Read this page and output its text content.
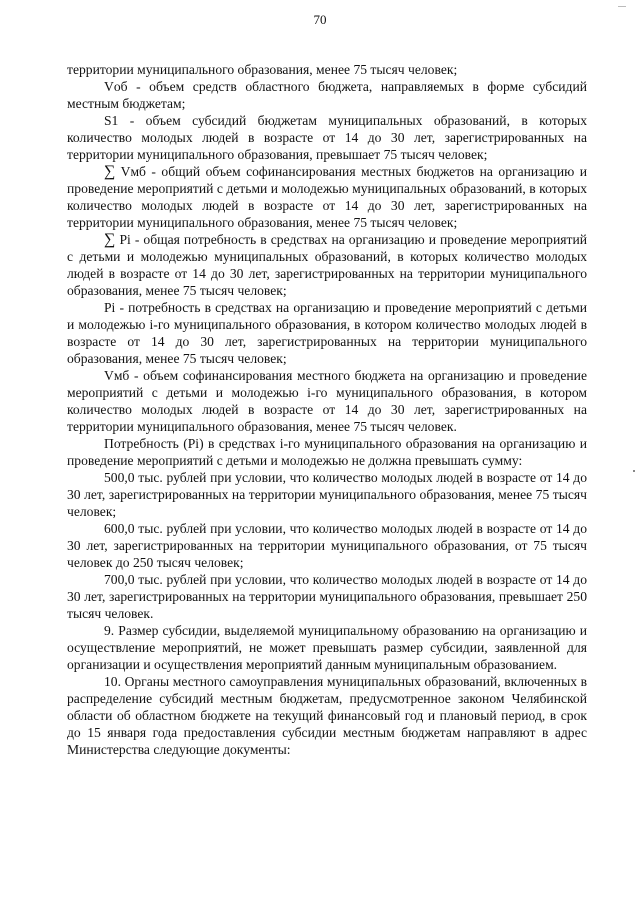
70

территории муниципального образования, менее 75 тысяч человек;

Vоб - объем средств областного бюджета, направляемых в форме субсидий местным бюджетам;

S1 - объем субсидий бюджетам муниципальных образований, в которых количество молодых людей в возрасте от 14 до 30 лет, зарегистрированных на территории муниципального образования, превышает 75 тысяч человек;

∑ Vмб - общий объем софинансирования местных бюджетов на организацию и проведение мероприятий с детьми и молодежью муниципальных образований, в которых количество молодых людей в возрасте от 14 до 30 лет, зарегистрированных на территории муниципального образования, менее 75 тысяч человек;

∑ Pi - общая потребность в средствах на организацию и проведение мероприятий с детьми и молодежью муниципальных образований, в которых количество молодых людей в возрасте от 14 до 30 лет, зарегистрированных на территории муниципального образования, менее 75 тысяч человек;

Pi - потребность в средствах на организацию и проведение мероприятий с детьми и молодежью i-го муниципального образования, в котором количество молодых людей в возрасте от 14 до 30 лет, зарегистрированных на территории муниципального образования, менее 75 тысяч человек;

Vмб - объем софинансирования местного бюджета на организацию и проведение мероприятий с детьми и молодежью i-го муниципального образования, в котором количество молодых людей в возрасте от 14 до 30 лет, зарегистрированных на территории муниципального образования, менее 75 тысяч человек.

Потребность (Pi) в средствах i-го муниципального образования на организацию и проведение мероприятий с детьми и молодежью не должна превышать сумму:

500,0 тыс. рублей при условии, что количество молодых людей в возрасте от 14 до 30 лет, зарегистрированных на территории муниципального образования, менее 75 тысяч человек;

600,0 тыс. рублей при условии, что количество молодых людей в возрасте от 14 до 30 лет, зарегистрированных на территории муниципального образования, от 75 тысяч человек до 250 тысяч человек;

700,0 тыс. рублей при условии, что количество молодых людей в возрасте от 14 до 30 лет, зарегистрированных на территории муниципального образования, превышает 250 тысяч человек.

9. Размер субсидии, выделяемой муниципальному образованию на организацию и осуществление мероприятий, не может превышать размер субсидии, заявленной для организации и осуществления мероприятий данным муниципальным образованием.

10. Органы местного самоуправления муниципальных образований, включенных в распределение субсидий местным бюджетам, предусмотренное законом Челябинской области об областном бюджете на текущий финансовый год и плановый период, в срок до 15 января года предоставления субсидии местным бюджетам направляют в адрес Министерства следующие документы:
